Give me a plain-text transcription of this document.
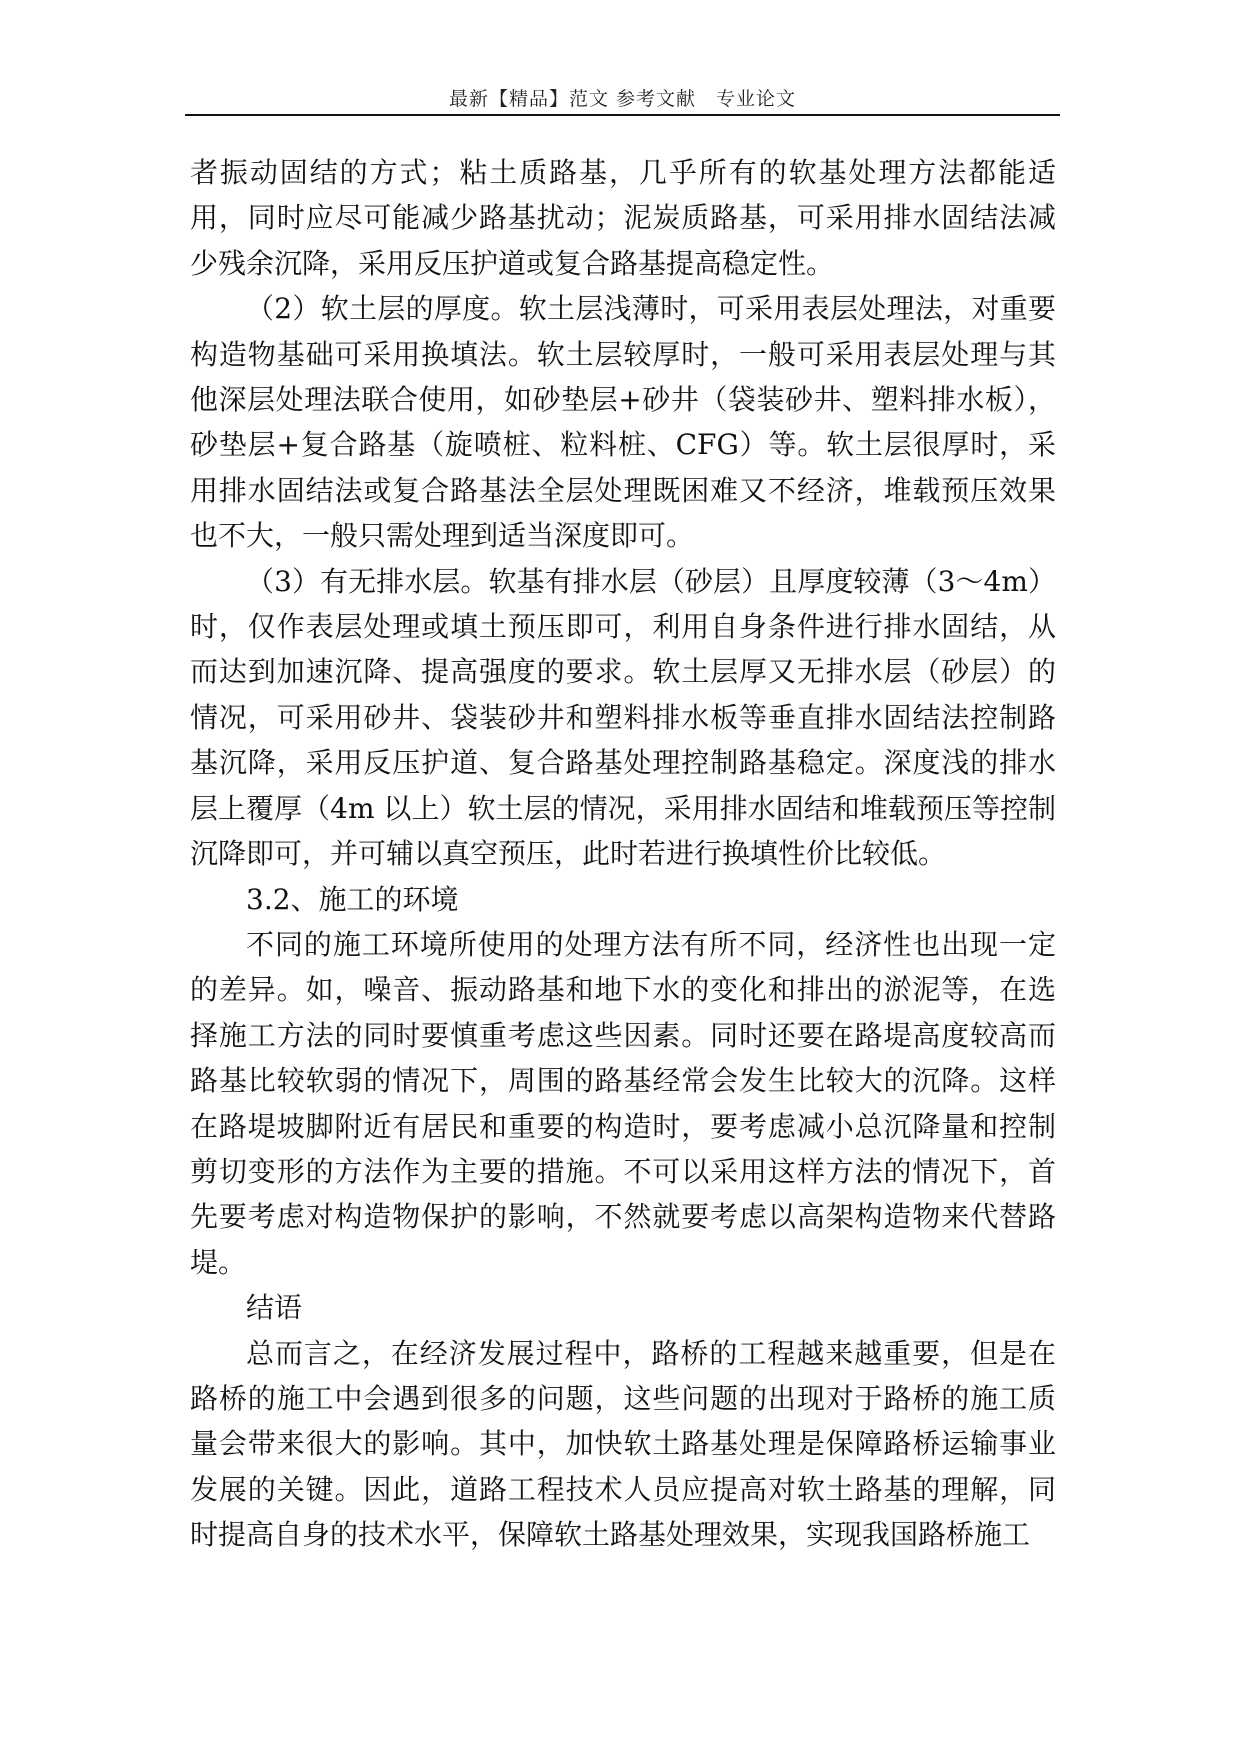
最新【精品】范文 参考文献　专业论文

者振动固结的方式；粘土质路基，几乎所有的软基处理方法都能适用，同时应尽可能减少路基扰动；泥炭质路基，可采用排水固结法减少残余沉降，采用反压护道或复合路基提高稳定性。

（2）软土层的厚度。软土层浅薄时，可采用表层处理法，对重要构造物基础可采用换填法。软土层较厚时，一般可采用表层处理与其他深层处理法联合使用，如砂垫层+砂井（袋装砂井、塑料排水板），砂垫层+复合路基（旋喷桩、粒料桩、CFG）等。软土层很厚时，采用排水固结法或复合路基法全层处理既困难又不经济，堆载预压效果也不大，一般只需处理到适当深度即可。

（3）有无排水层。软基有排水层（砂层）且厚度较薄（3～4m）时，仅作表层处理或填土预压即可，利用自身条件进行排水固结，从而达到加速沉降、提高强度的要求。软土层厚又无排水层（砂层）的情况，可采用砂井、袋装砂井和塑料排水板等垂直排水固结法控制路基沉降，采用反压护道、复合路基处理控制路基稳定。深度浅的排水层上覆厚（4m 以上）软土层的情况，采用排水固结和堆载预压等控制沉降即可，并可辅以真空预压，此时若进行换填性价比较低。

3.2、施工的环境

不同的施工环境所使用的处理方法有所不同，经济性也出现一定的差异。如，噪音、振动路基和地下水的变化和排出的淤泥等，在选择施工方法的同时要慎重考虑这些因素。同时还要在路堤高度较高而路基比较软弱的情况下，周围的路基经常会发生比较大的沉降。这样在路堤坡脚附近有居民和重要的构造时，要考虑减小总沉降量和控制剪切变形的方法作为主要的措施。不可以采用这样方法的情况下，首先要考虑对构造物保护的影响，不然就要考虑以高架构造物来代替路堤。

结语

总而言之，在经济发展过程中，路桥的工程越来越重要，但是在路桥的施工中会遇到很多的问题，这些问题的出现对于路桥的施工质量会带来很大的影响。其中，加快软土路基处理是保障路桥运输事业发展的关键。因此，道路工程技术人员应提高对软土路基的理解，同时提高自身的技术水平，保障软土路基处理效果，实现我国路桥施工
